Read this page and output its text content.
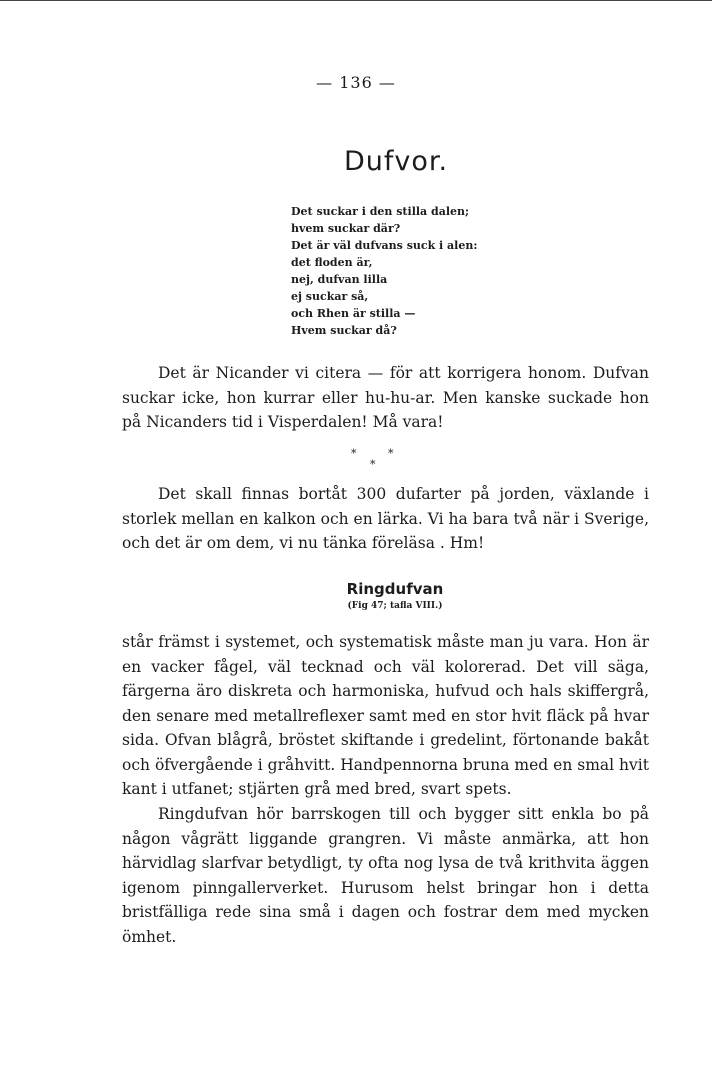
— 136 —
Dufvor.
Det suckar i den stilla dalen;
hvem suckar där?
Det är väl dufvans suck i alen:
det floden är,
nej, dufvan lilla
ej suckar så,
och Rhen är stilla —
Hvem suckar då?

Det är Nicander vi citera — för att korrigera honom. Dufvan suckar icke, hon kurrar eller hu-hu-ar. Men kanske suckade hon på Nicanders tid i Visperdalen! Må vara!

*	*
*

Det skall finnas bortåt 300 dufarter på jorden, växlande i storlek mellan en kalkon och en lärka. Vi ha bara två när i Sverige, och det är om dem, vi nu tänka föreläsa . Hm!

Ringdufvan
(Fig 47; tafla VIII.)

står främst i systemet, och systematisk måste man ju vara. Hon är en vacker fågel, väl tecknad och väl kolorerad. Det vill säga, färgerna äro diskreta och harmoniska, hufvud och hals skiffergrå, den senare med metallreflexer samt med en stor hvit fläck på hvar sida. Ofvan blågrå, bröstet skiftande i gredelint, förtonande bakåt och öfvergående i gråhvitt. Handpennorna bruna med en smal hvit kant i utfanet; stjärten grå med bred, svart spets.

Ringdufvan hör barrskogen till och bygger sitt enkla bo på någon vågrätt liggande grangren. Vi måste anmärka, att hon härvidlag slarfvar betydligt, ty ofta nog lysa de två krithvita äggen igenom pinngallerverket. Hurusom helst bringar hon i detta bristfälliga rede sina små i dagen och fostrar dem med mycken ömhet.
